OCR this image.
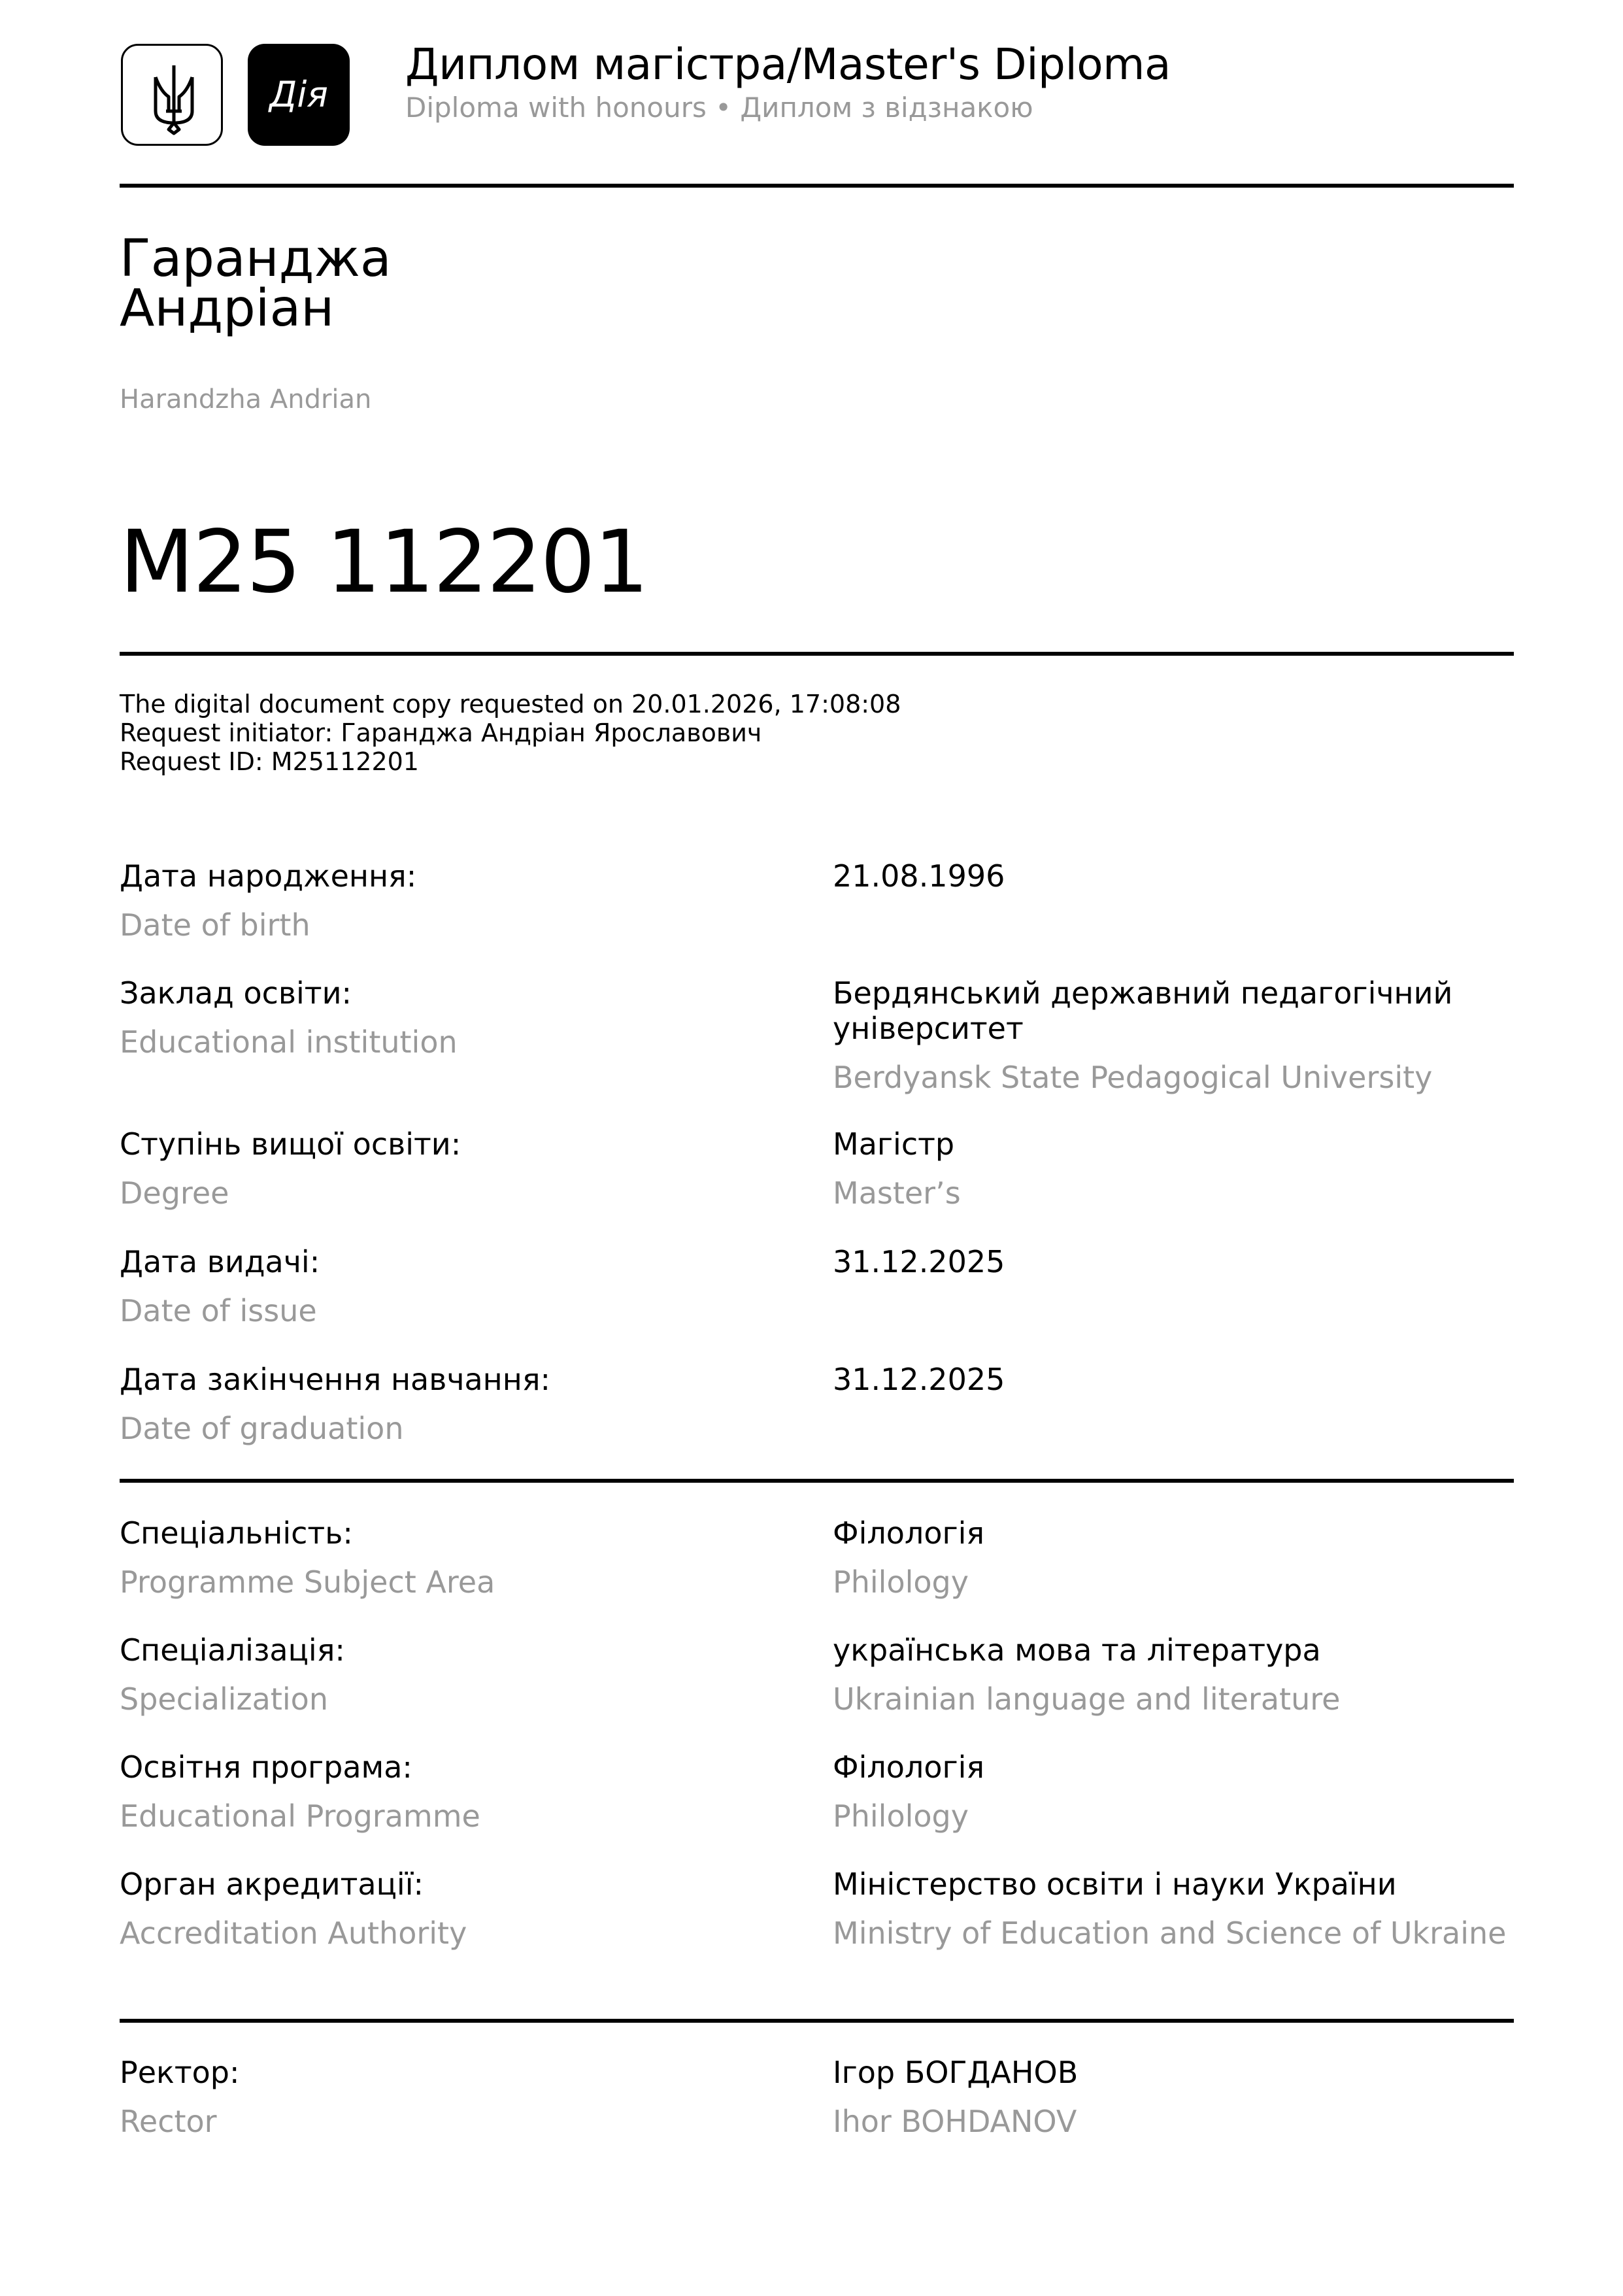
Дія
Диплом магістра/Master's Diploma
Diploma with honours • Диплом з відзнакою
Гаранджа
Андріан
Harandzha Andrian
М25 112201
The digital document copy requested on 20.01.2026, 17:08:08
Request initiator: Гаранджа Андріан Ярославович
Request ID: M25112201
Дата народження:
Date of birth
21.08.1996
Заклад освіти:
Educational institution
Бердянський державний педагогічний університет
Berdyansk State Pedagogical University
Ступінь вищої освіти:
Degree
Магістр
Master’s
Дата видачі:
Date of issue
31.12.2025
Дата закінчення навчання:
Date of graduation
31.12.2025
Спеціальність:
Programme Subject Area
Філологія
Philology
Спеціалізація:
Specialization
українська мова та література
Ukrainian language and literature
Освітня програма:
Educational Programme
Філологія
Philology
Орган акредитації:
Accreditation Authority
Міністерство освіти і науки України
Ministry of Education and Science of Ukraine
Ректор:
Rector
Ігор БОГДАНОВ
Ihor BOHDANOV
